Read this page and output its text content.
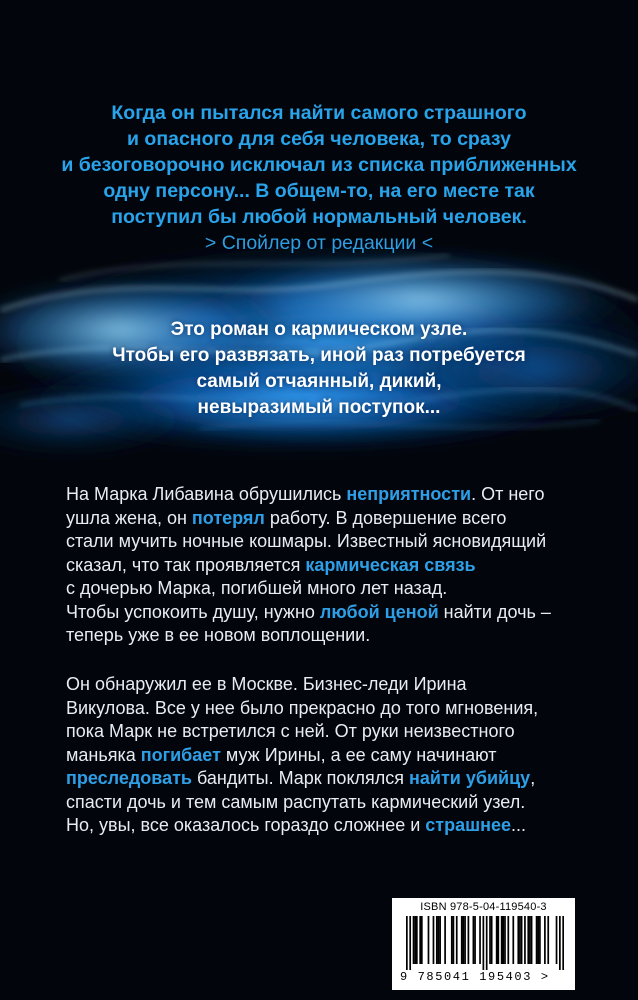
Когда он пытался найти самого страшного
и опасного для себя человека, то сразу
и безоговорочно исключал из списка приближенных
одну персону... В общем-то, на его месте так
поступил бы любой нормальный человек.
> Спойлер от редакции <
Это роман о кармическом узле.
Чтобы его развязать, иной раз потребуется
самый отчаянный, дикий,
невыразимый поступок...
На Марка Либавина обрушились неприятности. От него
ушла жена, он потерял работу. В довершение всего
стали мучить ночные кошмары. Известный ясновидящий
сказал, что так проявляется кармическая связь
с дочерью Марка, погибшей много лет назад.
Чтобы успокоить душу, нужно любой ценой найти дочь –
теперь уже в ее новом воплощении.
Он обнаружил ее в Москве. Бизнес-леди Ирина
Викулова. Все у нее было прекрасно до того мгновения,
пока Марк не встретился с ней. От руки неизвестного
маньяка погибает муж Ирины, а ее саму начинают
преследовать бандиты. Марк поклялся найти убийцу,
спасти дочь и тем самым распутать кармический узел.
Но, увы, все оказалось гораздо сложнее и страшнее...
ISBN 978-5-04-119540-3
9 785041 195403 >
